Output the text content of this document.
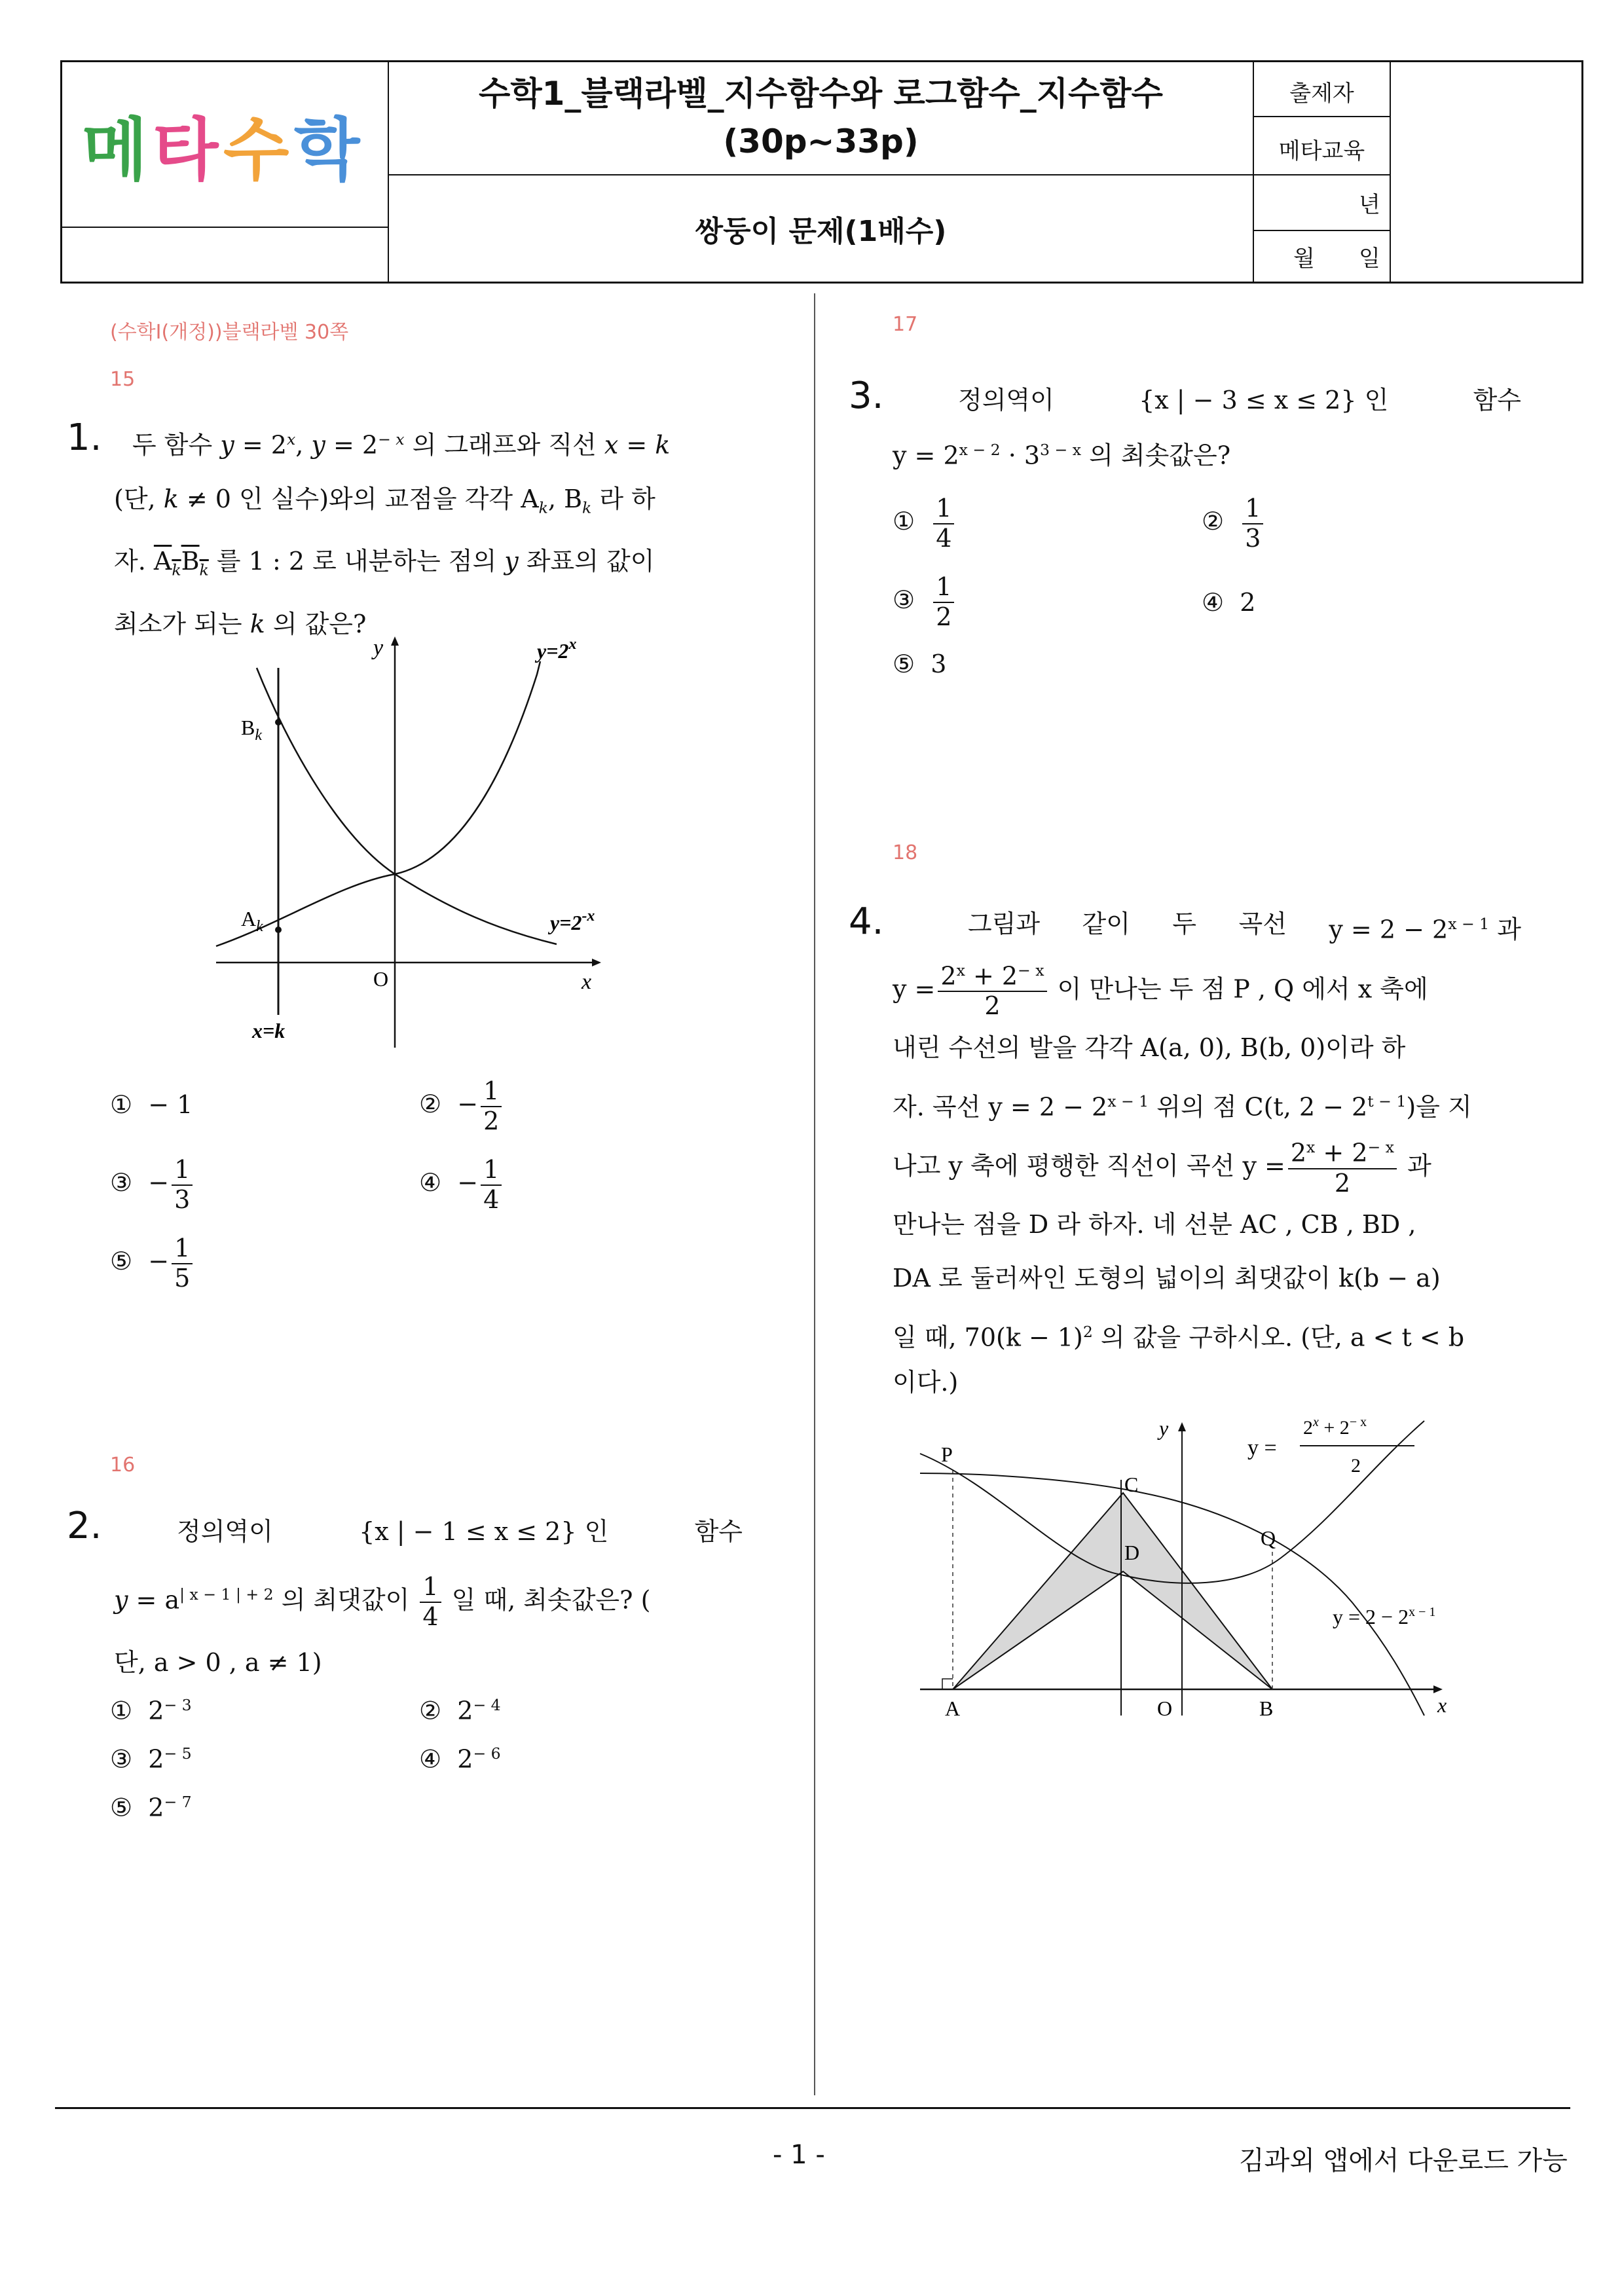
메 타 수 학
수학1_블랙라벨_지수함수와 로그함수_지수함수
(30p~33p)
쌍둥이 문제(1배수)
출제자
메타교육
년
월 일
(수학I(개정))블랙라벨 30쪽
15
1.	두 함수 $y = 2^x$, $y = 2^{- x}$ 의 그래프와 직선 x = k
(단, k ≠ 0 인 실수)와의 교점을 각각 $A_k$, $B_k$ 라 하
자. $A_kB_k$ 를 1 : 2 로 내분하는 점의 y 좌표의 값이
최소가 되는 k 의 값은?
y
x
O
$y=2^x$
$y=2^{-x}$
$B_k$
$A_k$
x=k
① − 1	② − $\frac{1}{2}$
③ − $\frac{1}{3}$	④ − $\frac{1}{4}$
⑤ − $\frac{1}{5}$
16
2.	정의역이	{x | − 1 ≤ x ≤ 2} 인	함수
$y = a^{| x - 1 | + 2}$ 의 최댓값이 $\frac{1}{4}$ 일 때, 최솟값은? (
단, a > 0 , a ≠ 1)
① $2^{- 3}$	② $2^{- 4}$
③ $2^{- 5}$	④ $2^{- 6}$
⑤ $2^{- 7}$
17
3.	정의역이	{x | − 3 ≤ x ≤ 2} 인	함수
$y = 2^{x - 2} \cdot 3^{3 - x}$ 의 최솟값은?
① $\frac{1}{4}$	② $\frac{1}{3}$
③ $\frac{1}{2}$	④ 2
⑤ 3
18
4.	그림과 같이 두 곡선 $y = 2 - 2^{x - 1}$ 과
$y = \frac{2^x + 2^{- x}}{2}$ 이 만나는 두 점 P , Q 에서 x 축에
내린 수선의 발을 각각 A(a, 0), B(b, 0)이라 하
자. 곡선 $y = 2 - 2^{x - 1}$ 위의 점 C(t, $2 - 2^{t - 1}$)을 지
나고 y 축에 평행한 직선이 곡선 $y = \frac{2^x + 2^{- x}}{2}$ 과
만나는 점을 D 라 하자. 네 선분 AC , CB , BD ,
DA 로 둘러싸인 도형의 넓이의 최댓값이 k(b − a)
일 때, $70(k - 1)^2$ 의 값을 구하시오. (단, a < t < b
이다.)
P
Q
C
D
A	O	B	x
y
y =
$2^x + 2^{- x}$
2
$y = 2 - 2^{x - 1}$
- 1 -	김과외 앱에서 다운로드 가능
